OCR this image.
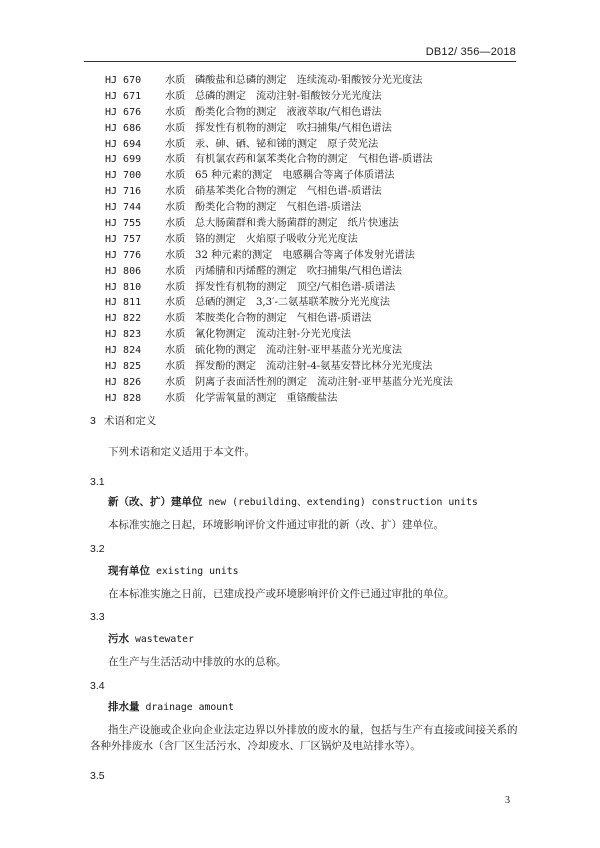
DB12/ 356—2018
HJ 670	水质 磷酸盐和总磷的测定 连续流动-钼酸铵分光光度法
HJ 671	水质 总磷的测定 流动注射-钼酸铵分光光度法
HJ 676	水质 酚类化合物的测定 液液萃取/气相色谱法
HJ 686	水质 挥发性有机物的测定 吹扫捕集/气相色谱法
HJ 694	水质 汞、砷、硒、铋和锑的测定 原子荧光法
HJ 699	水质 有机氯农药和氯苯类化合物的测定 气相色谱-质谱法
HJ 700	水质 65 种元素的测定 电感耦合等离子体质谱法
HJ 716	水质 硝基苯类化合物的测定 气相色谱-质谱法
HJ 744	水质 酚类化合物的测定 气相色谱-质谱法
HJ 755	水质 总大肠菌群和粪大肠菌群的测定 纸片快速法
HJ 757	水质 铬的测定 火焰原子吸收分光光度法
HJ 776	水质 32 种元素的测定 电感耦合等离子体发射光谱法
HJ 806	水质 丙烯腈和丙烯醛的测定 吹扫捕集/气相色谱法
HJ 810	水质 挥发性有机物的测定 顶空/气相色谱-质谱法
HJ 811	水质 总硒的测定 3,3′-二氨基联苯胺分光光度法
HJ 822	水质 苯胺类化合物的测定 气相色谱-质谱法
HJ 823	水质 氰化物测定 流动注射-分光光度法
HJ 824	水质 硫化物的测定 流动注射-亚甲基蓝分光光度法
HJ 825	水质 挥发酚的测定 流动注射-4-氨基安替比林分光光度法
HJ 826	水质 阴离子表面活性剂的测定 流动注射-亚甲基蓝分光光度法
HJ 828	水质 化学需氧量的测定 重铬酸盐法
3 术语和定义
下列术语和定义适用于本文件。
3.1
新（改、扩）建单位 new (rebuilding、extending) construction units
本标准实施之日起，环境影响评价文件通过审批的新（改、扩）建单位。
3.2
现有单位 existing units
在本标准实施之日前，已建成投产或环境影响评价文件已通过审批的单位。
3.3
污水 wastewater
在生产与生活活动中排放的水的总称。
3.4
排水量 drainage amount
指生产设施或企业向企业法定边界以外排放的废水的量，包括与生产有直接或间接关系的各种外排废水（含厂区生活污水、冷却废水、厂区锅炉及电站排水等）。
3.5
3
